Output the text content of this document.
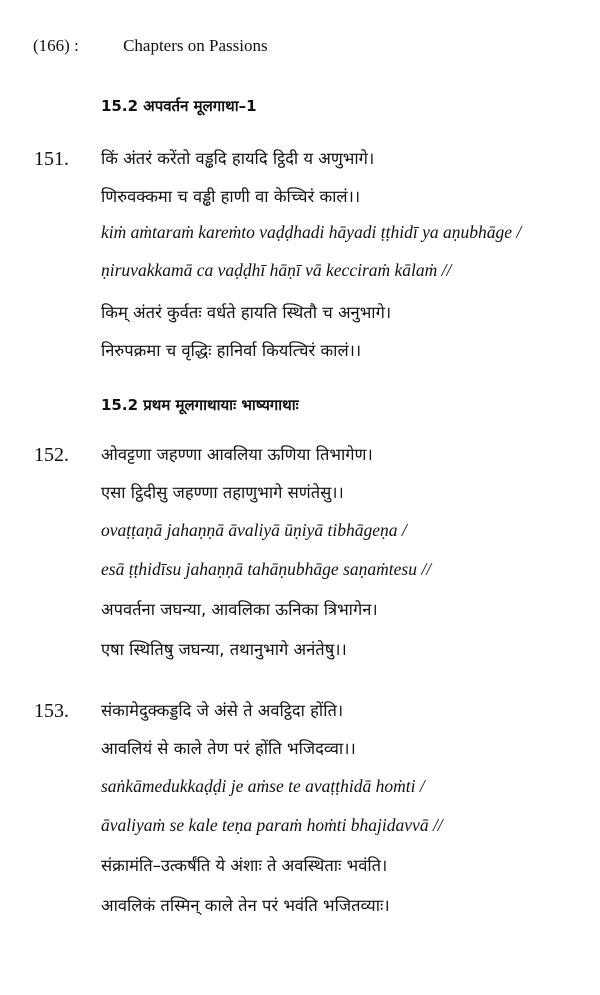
(166) :	Chapters on Passions
15.2 अपवर्तन मूलगाथा–1
151. किं अंतरं करेंतो वड्ढदि हायदि ट्ठिदी य अणुभागे।
णिरुवक्कमा च वड्ढी हाणी वा केच्चिरं कालं।।
kiṁ aṁtaraṁ kareṁto vaḍḍhadi hāyadi ṭṭhidī ya aṇubhāge /
ṇiruvakkamā ca vaḍḍhī hāṇī vā kecciraṁ kālaṁ //
किम् अंतरं कुर्वतः वर्धते हायति स्थितौ च अनुभागे।
निरुपक्रमा च वृद्धिः हानिर्वा कियत्चिरं कालं।।
15.2 प्रथम मूलगाथायाः भाष्यगाथाः
152. ओवट्टणा जहण्णा आवलिया ऊणिया तिभागेण।
एसा ट्ठिदीसु जहण्णा तहाणुभागे सणंतेसु।।
ovaṭṭaṇā jahaṇṇā āvaliyā ūṇiyā tibhāgeṇa /
esā ṭṭhidīsu jahaṇṇā tahāṇubhāge saṇaṁtesu //
अपवर्तना जघन्या, आवलिका ऊनिका त्रिभागेन।
एषा स्थितिषु जघन्या, तथानुभागे अनंतेषु।।
153. संकामेदुक्कड्डदि जे अंसे ते अवट्ठिदा होंति।
आवलियं से काले तेण परं होंति भजिदव्वा।।
saṅkāmedukkaḍḍi je aṁse te avaṭṭhidā hoṁti /
āvaliyaṁ se kale teṇa paraṁ hoṁti bhajidavvā //
संक्रामंति–उत्कर्षंति ये अंशाः ते अवस्थिताः भवंति।
आवलिकं तस्मिन् काले तेन परं भवंति भजितव्याः।
